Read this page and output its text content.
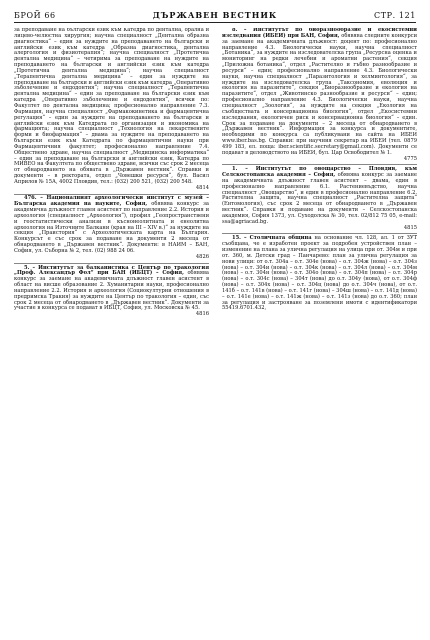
БРОЙ 66	ДЪРЖАВЕН ВЕСТНИК	СТР. 121

за преподаване на български език към Катедра по дентална, орална и лицево-челюстна хирургия; научна специалност „Дентална образна диагностика“ – един за нуждите на преподаването на български и английски език към катедра „Образна диагностика, дентална алергология и физиотерапия“; научна специалност „Протетична дентална медицина“ – четирима за преподаване на нуждите на преподаването на български и английски език към катедра „Протетична дентална медицина“; научна специалност „Терапевтична дентална медицина“ – един за нуждите на преподаване на български и английски език към катедра „Оперативно зъболечение и ендодонтия“; научна специалност „Терапевтична дентална медицина“ – един за преподаване на български език към катедра „Оперативно зъболечение и ендодонтия“, всички по: Факултет по дентална медицина; професионално направление 7.3. Фармация, научна специалност „Фармакокинетика и фармацевтична регулация“ – един за нуждите на преподаването на български и английски език към Катедрата по организация и икономика на фармацията; научна специалност „Технология на лекарствените форми и биофармация“ – двама за нуждите на преподаването на български език към Катедрата по фармацевтични науки при Фармацевтичния факултет; професионално направление 7.4. Обществено здраве, научна специалност „Медицинска информатика“ – един за преподаване на български и английски език, Катедра по МИВЕО на Факултета по обществено здраве, всички със срок 2 месеца от обнародването на обявата в „Държавен вестник“. Справки и документи – в ректората, отдел „Човешки ресурси“, бул. Васил Априлов № 15А, 4002 Пловдив, тел.: (032) 200 521, (032) 200 548.

4814

476. – Националният археологически институт с музей – Българска академия на науките, София, обявява конкурс за академична длъжност главен асистент по направление 2.2. История и археология (специалност „Археология“), профил „Геопространствени и геостатистически анализи в къснонеолитната и енеолитна археология на Източните Балкани (края на III – XIV в.)“ за нуждите на секция „Праистория“ с Археологическата карта на България. Конкурсът е със срок за подаване на документи 2 месеца от обнародването в „Държавен вестник“. Документи: в НАИМ – БАН, София, ул. Съборна № 2, тел. (02) 988 24 06.

4826

5. – Институтът за балканистика с Център по тракология „Проф. Александър Фол“ при БАН (ИБЦТ) – София, обявява конкурс за заемане на академичната длъжност главен асистент в област на висше образование 2. Хуманитарни науки, професионално направление 2.2. История и археология (Социокултурни отношения в предримска Тракия) за нуждите на Център по тракология – един, със срок 2 месеца от обнародването в „Държавен вестник“. Документи за участие в конкурса се подават в ИБЦТ, София, ул. Московска № 45.

4816

8. – Институтът по биоразнообразие и екосистемни изследвания (ИБЕИ) при БАН, София, обявява следните конкурси за заемане на академичната длъжност: доцент по: професионално направление 4.3. Биологически науки, научна специалност „Ботаника“, за нуждите на изследователска група „Ресурсна оценка и мониторинг на редки лечебни и ароматни растения“, секция „Приложна ботаника“, отдел „Растително и гъбно разнообразие и ресурси“ – един; професионално направление 4.3. Биологически науки, научна специалност „Паразитология и хелминтология“, за нуждите на изследователска група „Таксономия, еволюция и екология на паразитите“, секция „Биоразнообразие и екология на паразитите“, отдел „Животинско разнообразие и ресурси“ – един; професионално направление 4.3. Биологически науки, научна специалност „Зоология“, за нуждите на секция „Екология на съобществата и консервационна биология“, отдел „Екосистемни изследвания, екологичен риск и консервационна биология“ – един. Срок за подаване на документи – 2 месеца от обнародването в „Държавен вестник“. Информация за конкурса и документите, необходими по конкурса са публикувани на сайта на ИБЕИ www.iber.bas.bg. Справки: при научния секретар на ИБЕИ (тел. 0879 499 183, ел. поща: iber.scientific.secretary@gmail.com). Документи се подават в деловодството на ИБЕИ, бул. Цар Освободител № 1.

4775

1. – Институтът по овощарство – Пловдив, към Селскостопанска академия – София, обявява конкурс за заемане на академичната длъжност главен асистент – двама, един в професионално направление 6.1. Растениевъдство, научна специалност „Овощарство“, и един в професионално направление 6.2. Растителна защита, научна специалност „Растителна защита“ (Ентомология), със срок 2 месеца от обнародването в „Държавен вестник“. Справки и подаване на документи – Селскостопанска академия, София 1373, ул. Суходолска № 30, тел. 02/812 75 05, e-mail: ssa@agriacad.bg.

4815

15. – Столичната община на основание чл. 128, ал. 1 от ЗУТ съобщава, че е изработен проект за подробен устройствен план – изменение на плана за улична регулация на улица при от. 304м и при от. 360, м. Детски град – Панчарево: план за улична регулация за нови улици: от о.т. 304а – о.т. 304е (нова) – о.т. 304ж (нова) – о.т. 304з (нова) – о.т. 304и (нова) – о.т. 304к (нова) – о.т. 304л (нова) – о.т. 304м (нова) – о.т. 304н (нова) – о.т. 304о (нова) – о.т. 304п (нова) – о.т. 304р (нова) – о.т. 304с (нова) – 304т (нова) до о.т. 304у (нова), от о.т. 304ф (нова) – о.т. 304х (нова) – о.т. 304ц (нова) до о.т. 304ч (нова), от о.т. 141б – о.т. 141в (нова) – о.т. 141г (нова) – 304ш (нова) – о.т. 141д (нова) – о.т. 141е (нова) – о.т. 141ж (нова) – о.т. 141з (нова) до о.т. 360; план за регулация и застрояване за поземлени имоти с идентификатори 55419.6701.432,
